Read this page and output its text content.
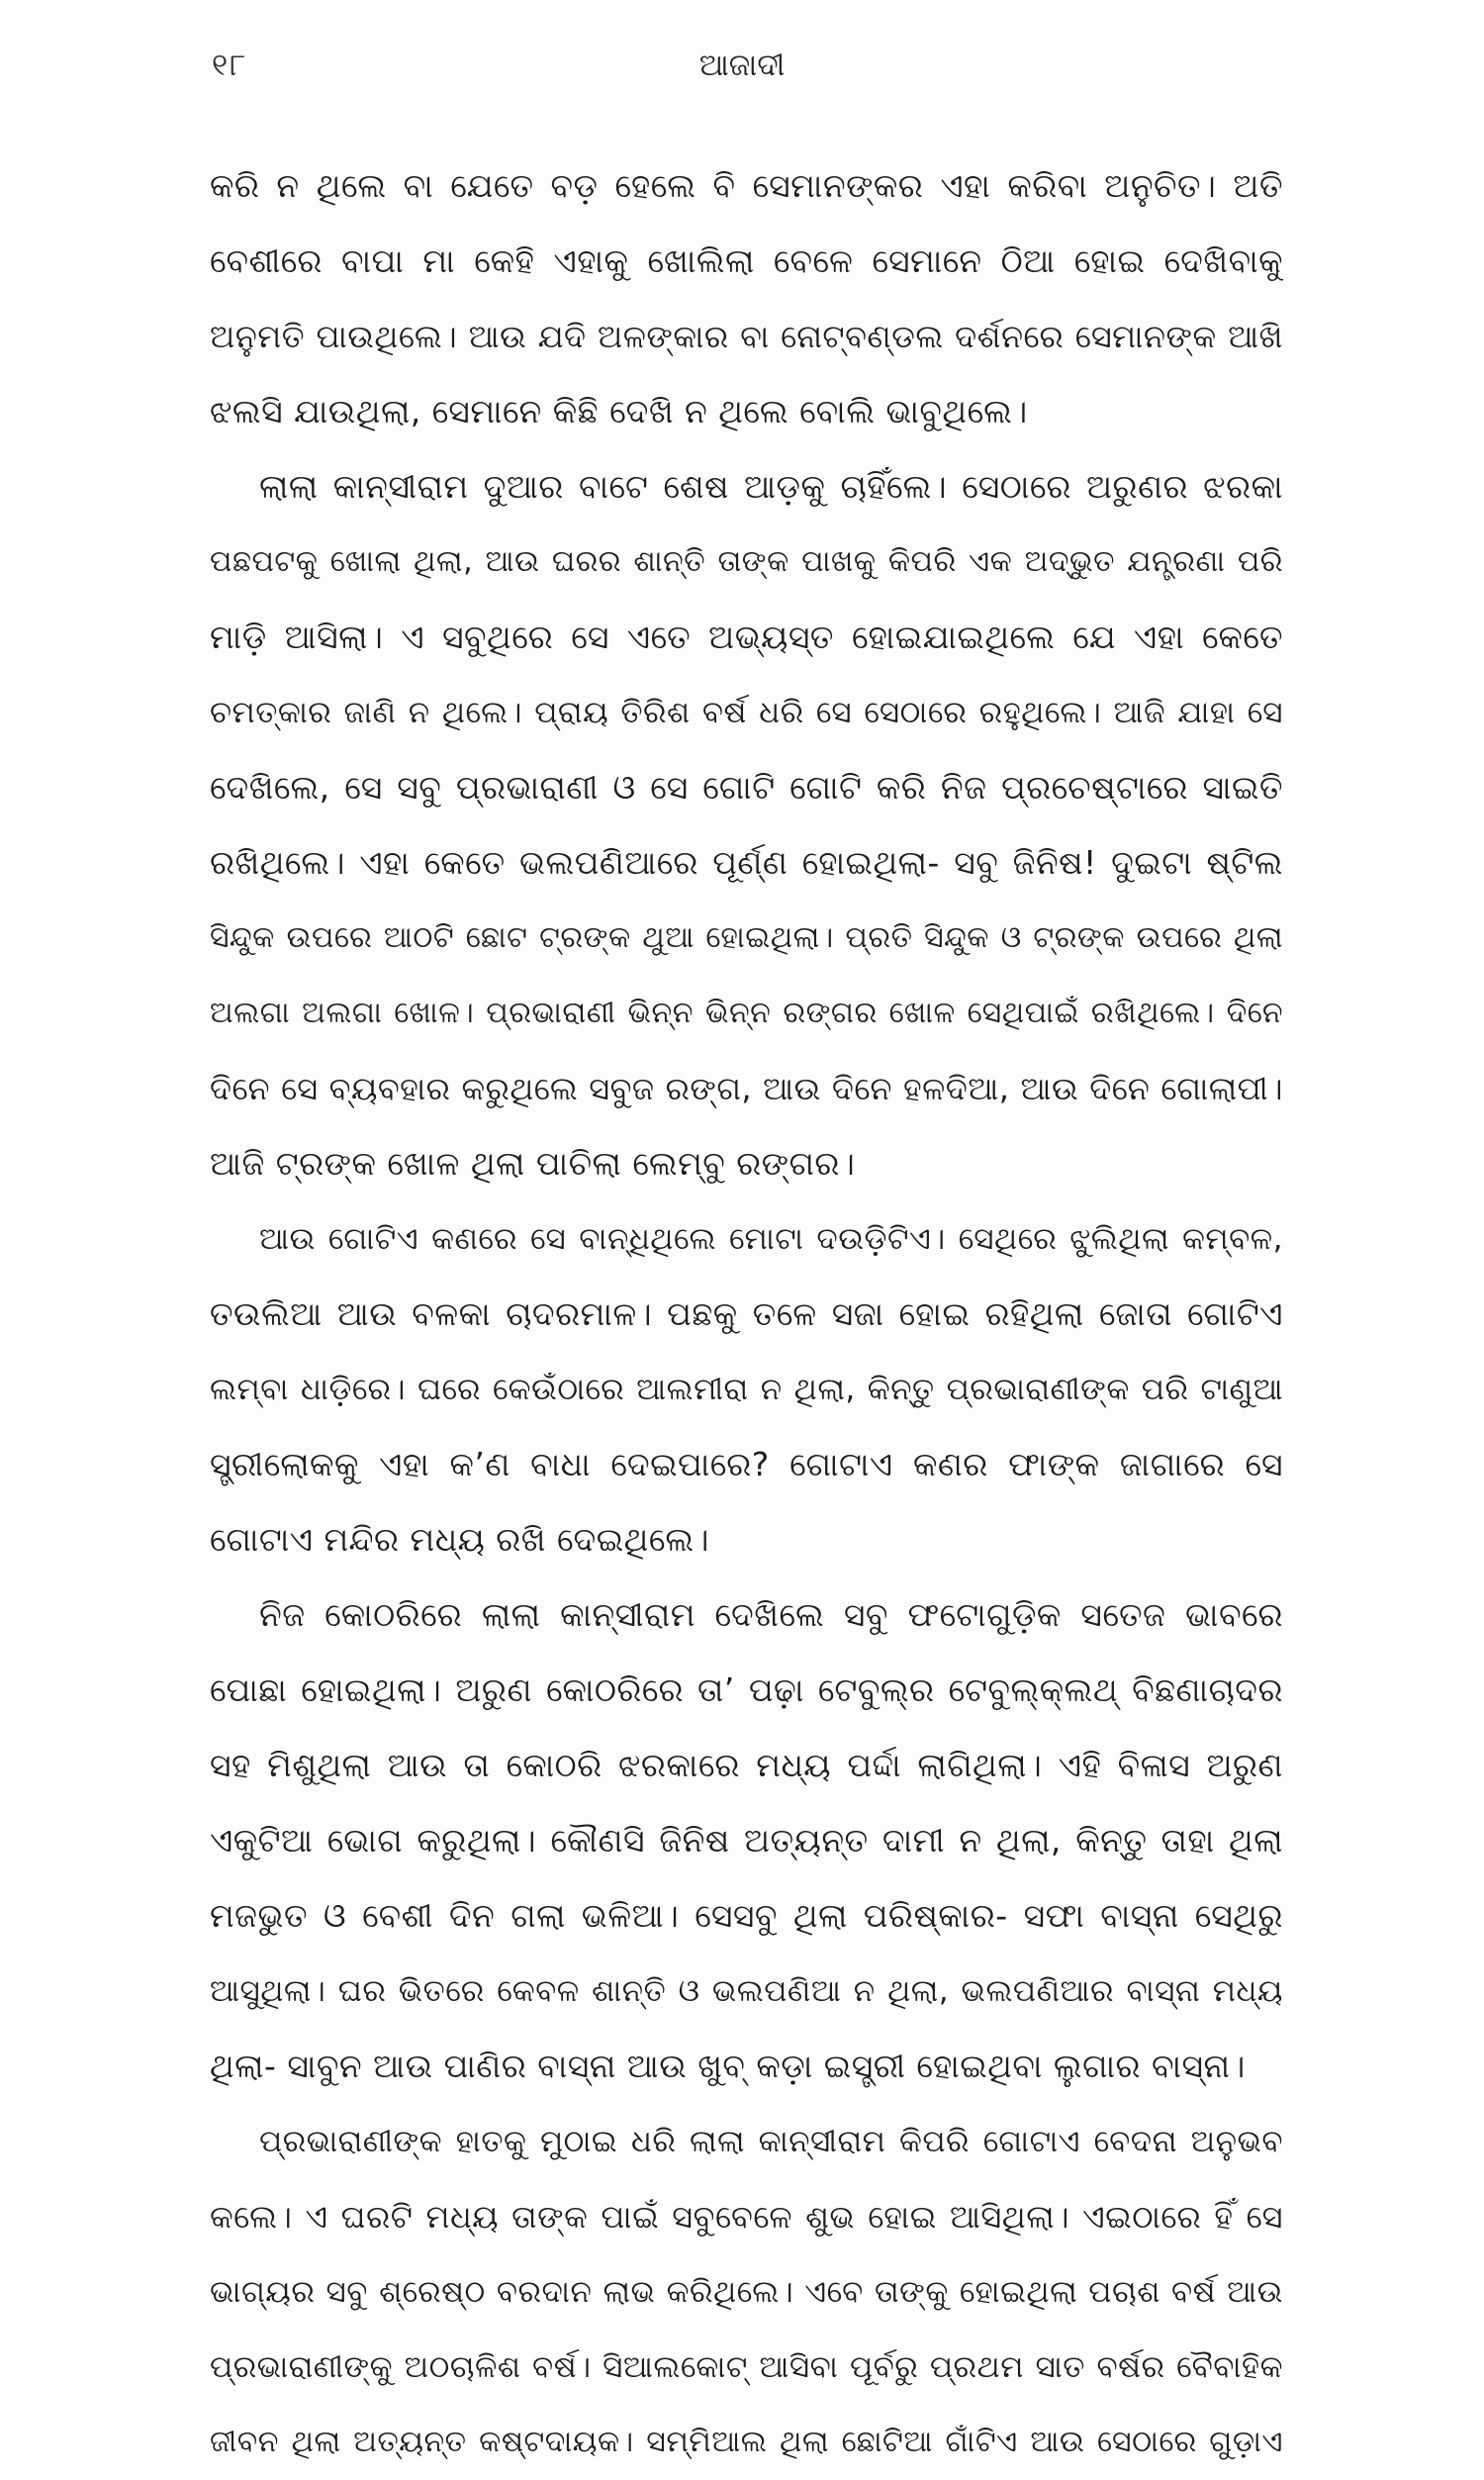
୧୮	ଆଜାଦୀ
କରି ନ ଥିଲେ ବା ଯେତେ ବଡ଼ ହେଲେ ବି ସେମାନଙ୍କର ଏହା କରିବା ଅନୁଚିତ। ଅତି
ବେଶୀରେ ବାପା ମା କେହି ଏହାକୁ ଖୋଲିଲା ବେଳେ ସେମାନେ ଠିଆ ହୋଇ ଦେଖିବାକୁ
ଅନୁମତି ପାଉଥିଲେ। ଆଉ ଯଦି ଅଳଙ୍କାର ବା ନୋଟ୍‌ବଣ୍ଡଲ ଦର୍ଶନରେ ସେମାନଙ୍କ ଆଖି
ଝଲସି ଯାଉଥିଲା, ସେମାନେ କିଛି ଦେଖି ନ ଥିଲେ ବୋଲି ଭାବୁଥିଲେ।
ଲାଲା କାନ୍‌ସୀରାମ ଦୁଆର ବାଟେ ଶେଷ ଆଡ଼କୁ ଚାହିଁଲେ। ସେଠାରେ ଅରୁଣର ଝରକା
ପଛପଟକୁ ଖୋଲା ଥିଲା, ଆଉ ଘରର ଶାନ୍ତି ତାଙ୍କ ପାଖକୁ କିପରି ଏକ ଅଦ୍ଭୁତ ଯନ୍ତ୍ରଣା ପରି
ମାଡ଼ି ଆସିଲା। ଏ ସବୁଥିରେ ସେ ଏତେ ଅଭ୍ୟସ୍ତ ହୋଇଯାଇଥିଲେ ଯେ ଏହା କେତେ
ଚମତ୍କାର ଜାଣି ନ ଥିଲେ। ପ୍ରାୟ ତିରିଶ ବର୍ଷ ଧରି ସେ ସେଠାରେ ରହୁଥିଲେ। ଆଜି ଯାହା ସେ
ଦେଖିଲେ, ସେ ସବୁ ପ୍ରଭାରାଣୀ ଓ ସେ ଗୋଟି ଗୋଟି କରି ନିଜ ପ୍ରଚେଷ୍ଟାରେ ସାଇତି
ରଖିଥିଲେ। ଏହା କେତେ ଭଲପଣିଆରେ ପୂର୍ଣ୍ଣ ହୋଇଥିଲା- ସବୁ ଜିନିଷ! ଦୁଇଟା ଷ୍ଟିଲ
ସିନ୍ଦୁକ ଉପରେ ଆଠଟି ଛୋଟ ଟ୍ରଙ୍କ ଥୁଆ ହୋଇଥିଲା। ପ୍ରତି ସିନ୍ଦୁକ ଓ ଟ୍ରଙ୍କ ଉପରେ ଥିଲା
ଅଲଗା ଅଲଗା ଖୋଳ। ପ୍ରଭାରାଣୀ ଭିନ୍ନ ଭିନ୍ନ ରଙ୍ଗର ଖୋଳ ସେଥିପାଇଁ ରଖିଥିଲେ। ଦିନେ
ଦିନେ ସେ ବ୍ୟବହାର କରୁଥିଲେ ସବୁଜ ରଙ୍ଗ, ଆଉ ଦିନେ ହଳଦିଆ, ଆଉ ଦିନେ ଗୋଲାପୀ।
ଆଜି ଟ୍ରଙ୍କ ଖୋଳ ଥିଲା ପାଚିଲା ଲେମ୍ବୁ ରଙ୍ଗର।
ଆଉ ଗୋଟିଏ କଣରେ ସେ ବାନ୍ଧିଥିଲେ ମୋଟା ଦଉଡ଼ିଟିଏ। ସେଥିରେ ଝୁଲିଥିଲା କମ୍ବଳ,
ତଉଲିଆ ଆଉ ବଳକା ଚାଦରମାଳ। ପଛକୁ ତଳେ ସଜା ହୋଇ ରହିଥିଲା ଜୋତା ଗୋଟିଏ
ଲମ୍ବା ଧାଡ଼ିରେ। ଘରେ କେଉଁଠାରେ ଆଲମୀରା ନ ଥିଲା, କିନ୍ତୁ ପ୍ରଭାରାଣୀଙ୍କ ପରି ଟାଣୁଆ
ସ୍ତ୍ରୀଲୋକକୁ ଏହା କ’ଣ ବାଧା ଦେଇପାରେ? ଗୋଟାଏ କଣର ଫାଙ୍କ ଜାଗାରେ ସେ
ଗୋଟାଏ ମନ୍ଦିର ମଧ୍ୟ ରଖି ଦେଇଥିଲେ।
ନିଜ କୋଠରିରେ ଲାଲା କାନ୍‌ସୀରାମ ଦେଖିଲେ ସବୁ ଫଟୋଗୁଡ଼ିକ ସତେଜ ଭାବରେ
ପୋଛା ହୋଇଥିଲା। ଅରୁଣ କୋଠରିରେ ତା’ ପଢ଼ା ଟେବୁଲ୍‌ର ଟେବୁଲ୍‌କ୍ଲଥ୍ ବିଛଣାଚାଦର
ସହ ମିଶୁଥିଲା ଆଉ ତା କୋଠରି ଝରକାରେ ମଧ୍ୟ ପର୍ଦ୍ଦା ଲାଗିଥିଲା। ଏହି ବିଳାସ ଅରୁଣ
ଏକୁଟିଆ ଭୋଗ କରୁଥିଲା। କୌଣସି ଜିନିଷ ଅତ୍ୟନ୍ତ ଦାମୀ ନ ଥିଲା, କିନ୍ତୁ ତାହା ଥିଲା
ମଜଭୁତ ଓ ବେଶୀ ଦିନ ଗଲା ଭଳିଆ। ସେସବୁ ଥିଲା ପରିଷ୍କାର- ସଫା ବାସ୍ନା ସେଥିରୁ
ଆସୁଥିଲା। ଘର ଭିତରେ କେବଳ ଶାନ୍ତି ଓ ଭଲପଣିଆ ନ ଥିଲା, ଭଲପଣିଆର ବାସ୍ନା ମଧ୍ୟ
ଥିଲା- ସାବୁନ ଆଉ ପାଣିର ବାସ୍ନା ଆଉ ଖୁବ୍ କଡ଼ା ଇସ୍ତ୍ରୀ ହୋଇଥିବା ଲୁଗାର ବାସ୍ନା।
ପ୍ରଭାରାଣୀଙ୍କ ହାତକୁ ମୁଠାଇ ଧରି ଲାଲା କାନ୍‌ସୀରାମ କିପରି ଗୋଟାଏ ବେଦନା ଅନୁଭବ
କଲେ। ଏ ଘରଟି ମଧ୍ୟ ତାଙ୍କ ପାଇଁ ସବୁବେଳେ ଶୁଭ ହୋଇ ଆସିଥିଲା। ଏଇଠାରେ ହିଁ ସେ
ଭାଗ୍ୟର ସବୁ ଶ୍ରେଷ୍ଠ ବରଦାନ ଲାଭ କରିଥିଲେ। ଏବେ ତାଙ୍କୁ ହୋଇଥିଲା ପଚାଶ ବର୍ଷ ଆଉ
ପ୍ରଭାରାଣୀଙ୍କୁ ଅଠଚାଳିଶ ବର୍ଷ। ସିଆଲକୋଟ୍ ଆସିବା ପୂର୍ବରୁ ପ୍ରଥମ ସାତ ବର୍ଷର ବୈବାହିକ
ଜୀବନ ଥିଲା ଅତ୍ୟନ୍ତ କଷ୍ଟଦାୟକ। ସମ୍ମିଆଲ ଥିଲା ଛୋଟିଆ ଗାଁଟିଏ ଆଉ ସେଠାରେ ଗୁଡ଼ାଏ
